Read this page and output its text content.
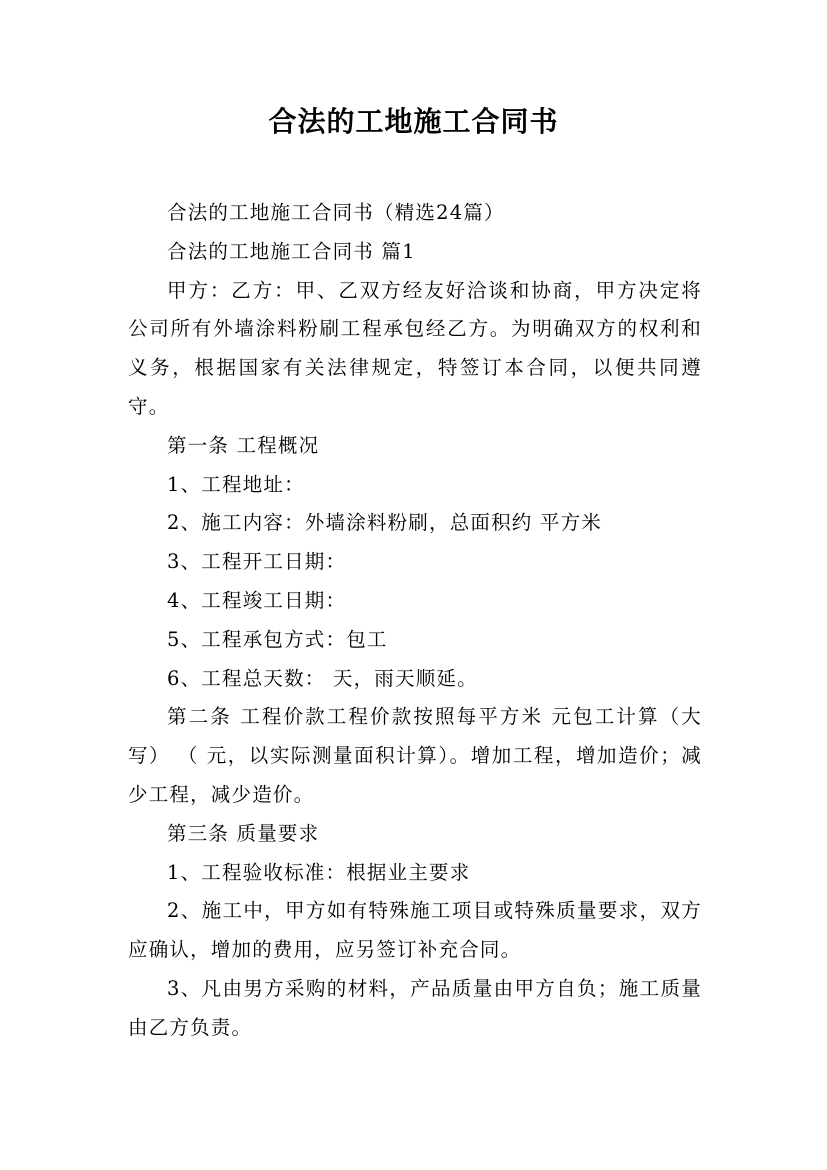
合法的工地施工合同书

合法的工地施工合同书（精选24篇）

合法的工地施工合同书 篇1

甲方：乙方：甲、乙双方经友好洽谈和协商，甲方决定将公司所有外墙涂料粉刷工程承包经乙方。为明确双方的权利和义务，根据国家有关法律规定，特签订本合同，以便共同遵守。

第一条 工程概况

1、工程地址：

2、施工内容：外墙涂料粉刷，总面积约 平方米

3、工程开工日期：

4、工程竣工日期：

5、工程承包方式：包工

6、工程总天数： 天，雨天顺延。

第二条 工程价款工程价款按照每平方米 元包工计算（大写） （ 元，以实际测量面积计算）。增加工程，增加造价；减少工程，减少造价。

第三条 质量要求

1、工程验收标准：根据业主要求

2、施工中，甲方如有特殊施工项目或特殊质量要求，双方应确认，增加的费用，应另签订补充合同。

3、凡由男方采购的材料，产品质量由甲方自负；施工质量由乙方负责。
